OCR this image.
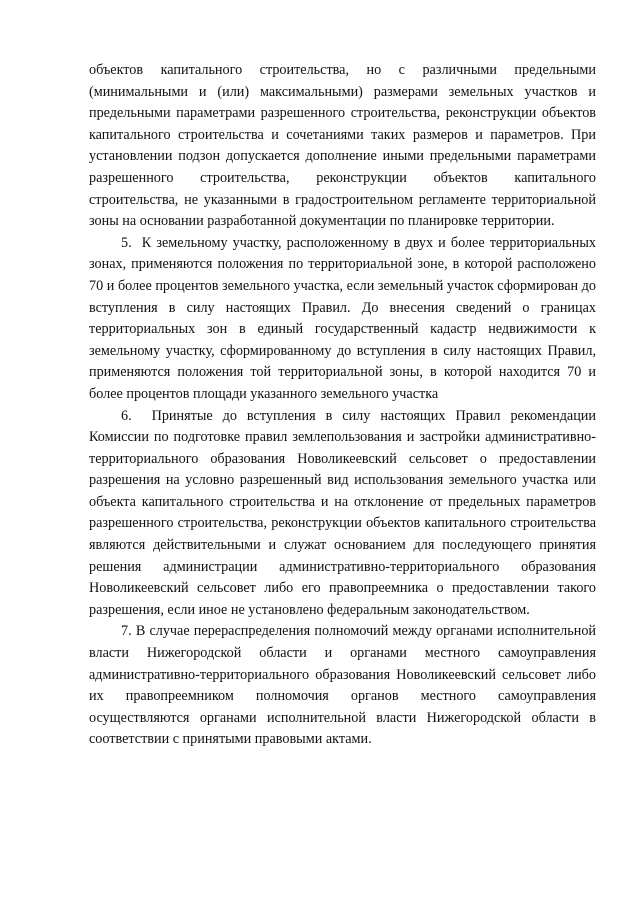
объектов капитального строительства, но с различными предельными (минимальными и (или) максимальными) размерами земельных участков и предельными параметрами разрешенного строительства, реконструкции объектов капитального строительства и сочетаниями таких размеров и параметров. При установлении подзон допускается дополнение иными предельными параметрами разрешенного строительства, реконструкции объектов капитального строительства, не указанными в градостроительном регламенте территориальной зоны на основании разработанной документации по планировке территории.

5. К земельному участку, расположенному в двух и более территориальных зонах, применяются положения по территориальной зоне, в которой расположено 70 и более процентов земельного участка, если земельный участок сформирован до вступления в силу настоящих Правил. До внесения сведений о границах территориальных зон в единый государственный кадастр недвижимости к земельному участку, сформированному до вступления в силу настоящих Правил, применяются положения той территориальной зоны, в которой находится 70 и более процентов площади указанного земельного участка

6. Принятые до вступления в силу настоящих Правил рекомендации Комиссии по подготовке правил землепользования и застройки административно-территориального образования Новоликеевский сельсовет о предоставлении разрешения на условно разрешенный вид использования земельного участка или объекта капитального строительства и на отклонение от предельных параметров разрешенного строительства, реконструкции объектов капитального строительства являются действительными и служат основанием для последующего принятия решения администрации административно-территориального образования Новоликеевский сельсовет либо его правопреемника о предоставлении такого разрешения, если иное не установлено федеральным законодательством.

7. В случае перераспределения полномочий между органами исполнительной власти Нижегородской области и органами местного самоуправления административно-территориального образования Новоликеевский сельсовет либо их правопреемником полномочия органов местного самоуправления осуществляются органами исполнительной власти Нижегородской области в соответствии с принятыми правовыми актами.
